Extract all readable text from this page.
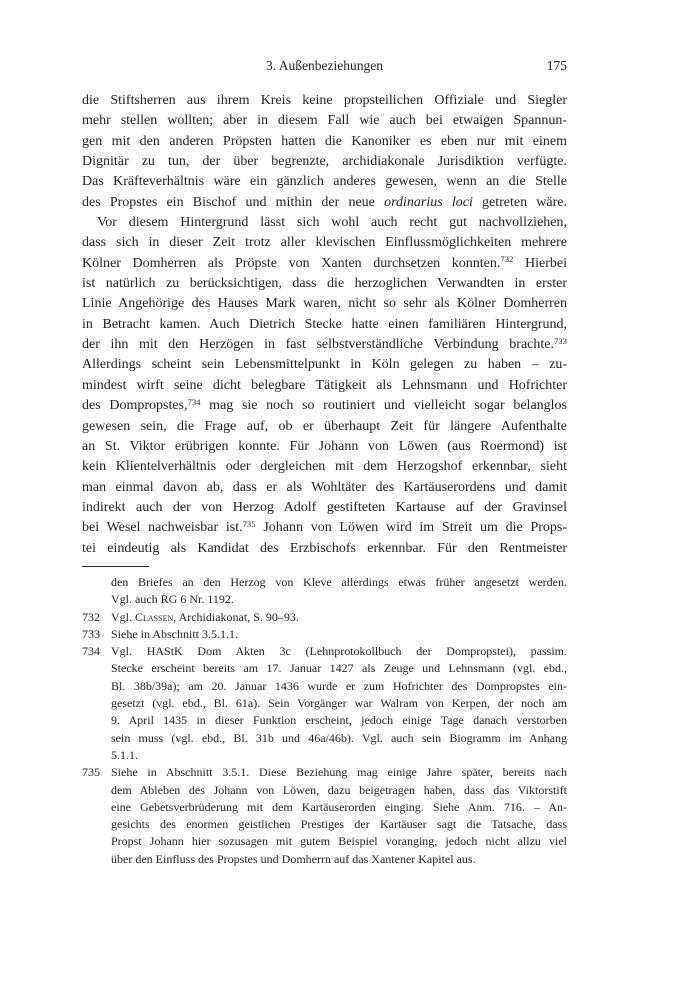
3. Außenbeziehungen	175
die Stiftsherren aus ihrem Kreis keine propsteilichen Offiziale und Siegler
mehr stellen wollten; aber in diesem Fall wie auch bei etwaigen Spannun-
gen mit den anderen Pröpsten hatten die Kanoniker es eben nur mit einem
Dignitär zu tun, der über begrenzte, archidiakonale Jurisdiktion verfügte.
Das Kräfteverhältnis wäre ein gänzlich anderes gewesen, wenn an die Stelle
des Propstes ein Bischof und mithin der neue ordinarius loci getreten wäre.
Vor diesem Hintergrund lässt sich wohl auch recht gut nachvollziehen,
dass sich in dieser Zeit trotz aller klevischen Einflussmöglichkeiten mehrere
Kölner Domherren als Pröpste von Xanten durchsetzen konnten.$^{732}$ Hierbei
ist natürlich zu berücksichtigen, dass die herzoglichen Verwandten in erster
Linie Angehörige des Hauses Mark waren, nicht so sehr als Kölner Domherren
in Betracht kamen. Auch Dietrich Stecke hatte einen familiären Hintergrund,
der ihn mit den Herzögen in fast selbstverständliche Verbindung brachte.$^{733}$
Allerdings scheint sein Lebensmittelpunkt in Köln gelegen zu haben – zu-
mindest wirft seine dicht belegbare Tätigkeit als Lehnsmann und Hofrichter
des Dompropstes,$^{734}$ mag sie noch so routiniert und vielleicht sogar belanglos
gewesen sein, die Frage auf, ob er überhaupt Zeit für längere Aufenthalte
an St. Viktor erübrigen konnte. Für Johann von Löwen (aus Roermond) ist
kein Klientelverhältnis oder dergleichen mit dem Herzogshof erkennbar, sieht
man einmal davon ab, dass er als Wohltäter des Kartäuserordens und damit
indirekt auch der von Herzog Adolf gestifteten Kartause auf der Gravinsel
bei Wesel nachweisbar ist.$^{735}$ Johann von Löwen wird im Streit um die Props-
tei eindeutig als Kandidat des Erzbischofs erkennbar. Für den Rentmeister
den Briefes an den Herzog von Kleve allerdings etwas früher angesetzt werden.
Vgl. auch RG 6 Nr. 1192.
732 Vgl. Classen, Archidiakonat, S. 90–93.
733 Siehe in Abschnitt 3.5.1.1.
734 Vgl. HAStK Dom Akten 3c (Lehnprotokollbuch der Dompropstei), passim.
Stecke erscheint bereits am 17. Januar 1427 als Zeuge und Lehnsmann (vgl. ebd.,
Bl. 38b/39a); am 20. Januar 1436 wurde er zum Hofrichter des Dompropstes ein-
gesetzt (vgl. ebd., Bl. 61a). Sein Vorgänger war Walram von Kerpen, der noch am
9. April 1435 in dieser Funktion erscheint, jedoch einige Tage danach verstorben
sein muss (vgl. ebd., Bl. 31b und 46a/46b). Vgl. auch sein Biogramm im Anhang
5.1.1.
735 Siehe in Abschnitt 3.5.1. Diese Beziehung mag einige Jahre später, bereits nach
dem Ableben des Johann von Löwen, dazu beigetragen haben, dass das Viktorstift
eine Gebetsverbrüderung mit dem Kartäuserorden einging. Siehe Anm. 716. – An-
gesichts des enormen geistlichen Prestiges der Kartäuser sagt die Tatsache, dass
Propst Johann hier sozusagen mit gutem Beispiel voranging, jedoch nicht allzu viel
über den Einfluss des Propstes und Domherrn auf das Xantener Kapitel aus.
